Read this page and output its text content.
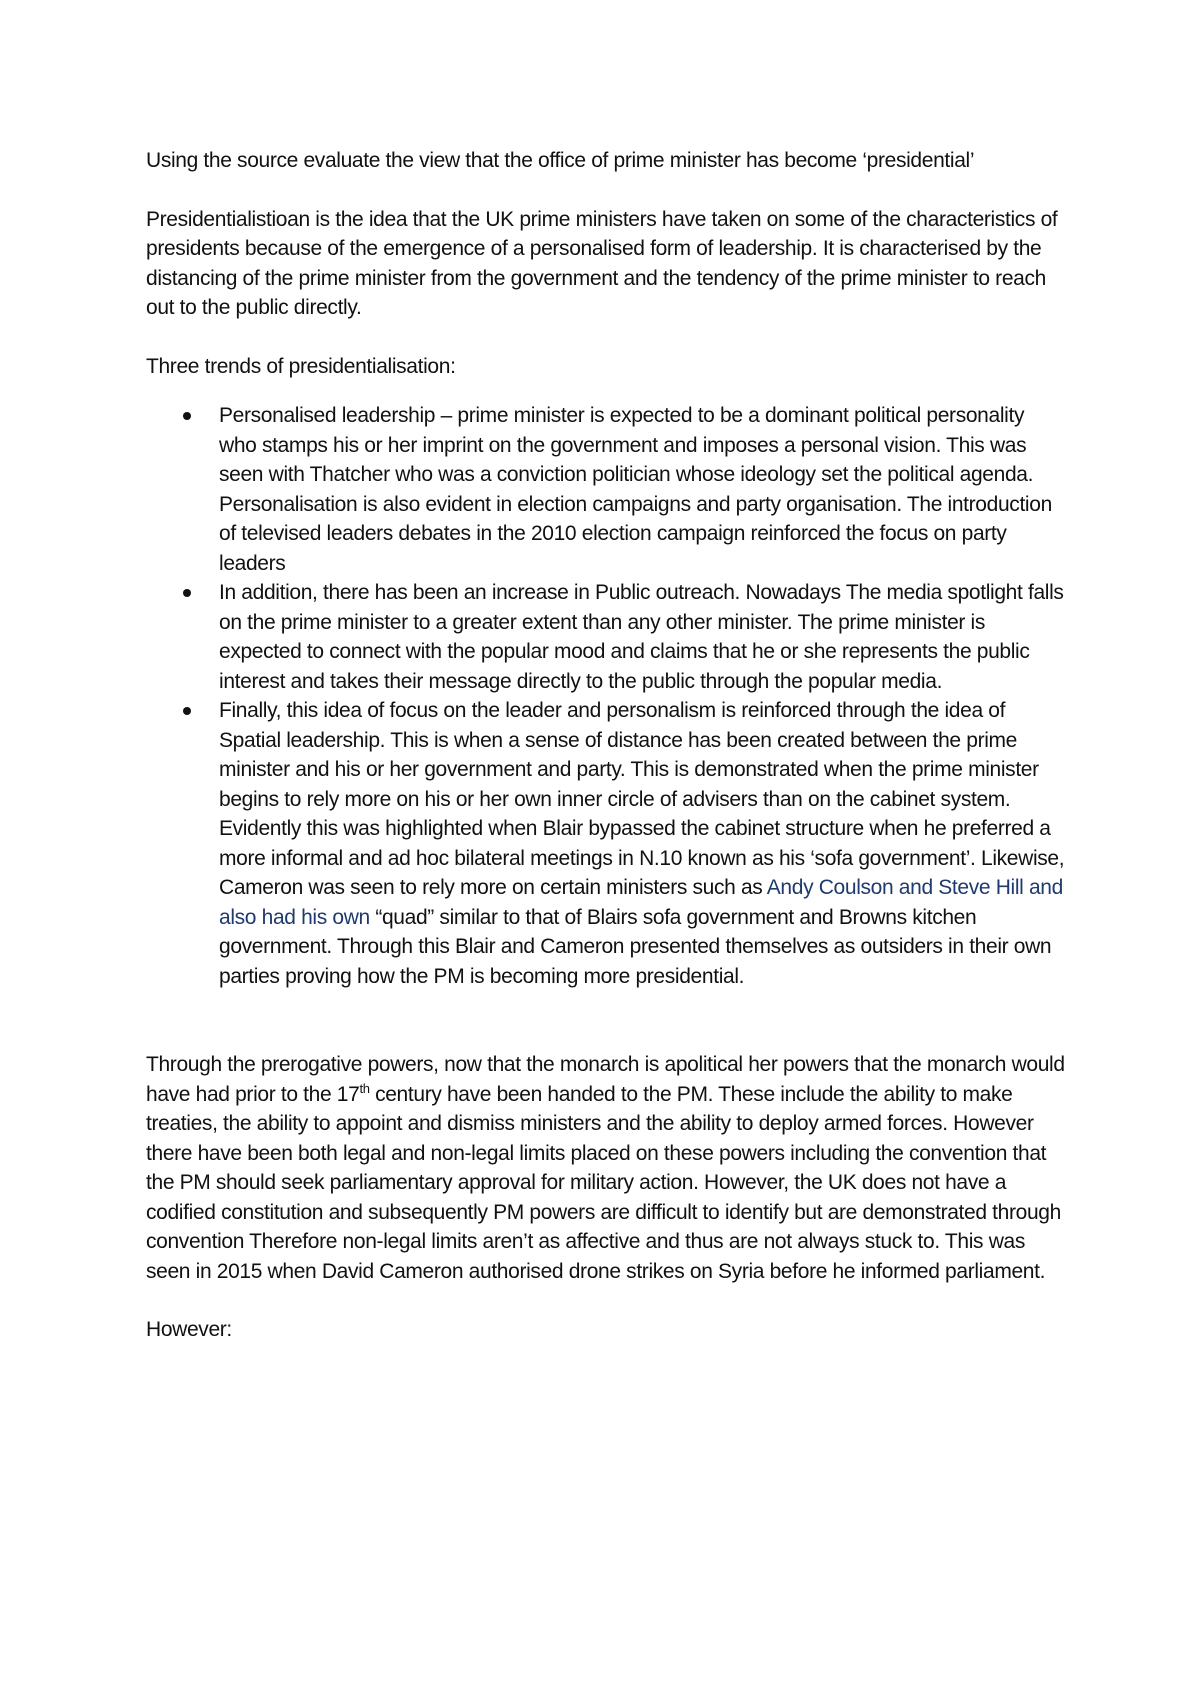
Using the source evaluate the view that the office of prime minister has become ‘presidential’

Presidentialistioan is the idea that the UK prime ministers have taken on some of the characteristics of presidents because of the emergence of a personalised form of leadership. It is characterised by the distancing of the prime minister from the government and the tendency of the prime minister to reach out to the public directly.

Three trends of presidentialisation:

Personalised leadership – prime minister is expected to be a dominant political personality who stamps his or her imprint on the government and imposes a personal vision. This was seen with Thatcher who was a conviction politician whose ideology set the political agenda. Personalisation is also evident in election campaigns and party organisation. The introduction of televised leaders debates in the 2010 election campaign reinforced the focus on party leaders
In addition, there has been an increase in Public outreach. Nowadays The media spotlight falls on the prime minister to a greater extent than any other minister. The prime minister is expected to connect with the popular mood and claims that he or she represents the public interest and takes their message directly to the public through the popular media.
Finally, this idea of focus on the leader and personalism is reinforced through the idea of Spatial leadership. This is when a sense of distance has been created between the prime minister and his or her government and party. This is demonstrated when the prime minister begins to rely more on his or her own inner circle of advisers than on the cabinet system. Evidently this was highlighted when Blair bypassed the cabinet structure when he preferred a more informal and ad hoc bilateral meetings in N.10 known as his ‘sofa government’. Likewise, Cameron was seen to rely more on certain ministers such as Andy Coulson and Steve Hill and also had his own “quad” similar to that of Blairs sofa government and Browns kitchen government. Through this Blair and Cameron presented themselves as outsiders in their own parties proving how the PM is becoming more presidential.

Through the prerogative powers, now that the monarch is apolitical her powers that the monarch would have had prior to the 17th century have been handed to the PM. These include the ability to make treaties, the ability to appoint and dismiss ministers and the ability to deploy armed forces. However there have been both legal and non-legal limits placed on these powers including the convention that the PM should seek parliamentary approval for military action. However, the UK does not have a codified constitution and subsequently PM powers are difficult to identify but are demonstrated through convention Therefore non-legal limits aren’t as affective and thus are not always stuck to. This was seen in 2015 when David Cameron authorised drone strikes on Syria before he informed parliament.

However:
